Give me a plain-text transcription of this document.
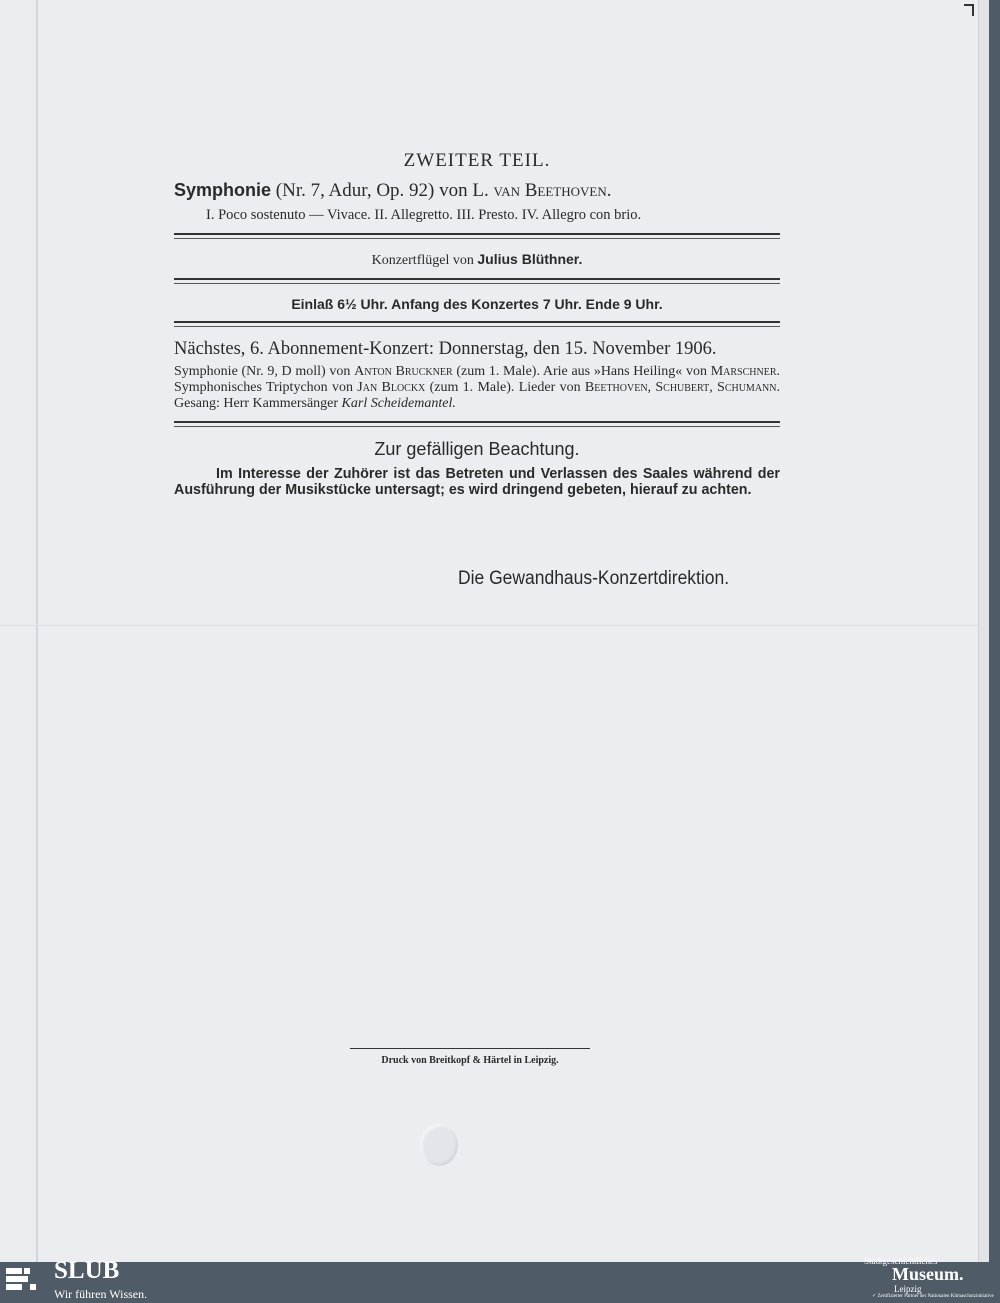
ZWEITER TEIL.

Symphonie (Nr. 7, Adur, Op. 92) von L. van Beethoven.
I. Poco sostenuto — Vivace. II. Allegretto. III. Presto. IV. Allegro con brio.
Konzertflügel von Julius Blüthner.
Einlaß 6½ Uhr. Anfang des Konzertes 7 Uhr. Ende 9 Uhr.
Nächstes, 6. Abonnement-Konzert: Donnerstag, den 15. November 1906.
Symphonie (Nr. 9, D moll) von Anton Bruckner (zum 1. Male). Arie aus »Hans Heiling« von Marschner. Symphonisches Triptychon von Jan Blockx (zum 1. Male). Lieder von Beethoven, Schubert, Schumann. Gesang: Herr Kammersänger Karl Scheidemantel.
Zur gefälligen Beachtung.
Im Interesse der Zuhörer ist das Betreten und Verlassen des Saales während der Ausführung der Musikstücke untersagt; es wird dringend gebeten, hierauf zu achten.
Die Gewandhaus-Konzertdirektion.
Druck von Breitkopf & Härtel in Leipzig.
SLUB
Wir führen Wissen.
Stadtgeschichtliches
Museum.
Leipzig
✓ Zertifizierter Partner der Nationalen Klimaschutzinitiative
